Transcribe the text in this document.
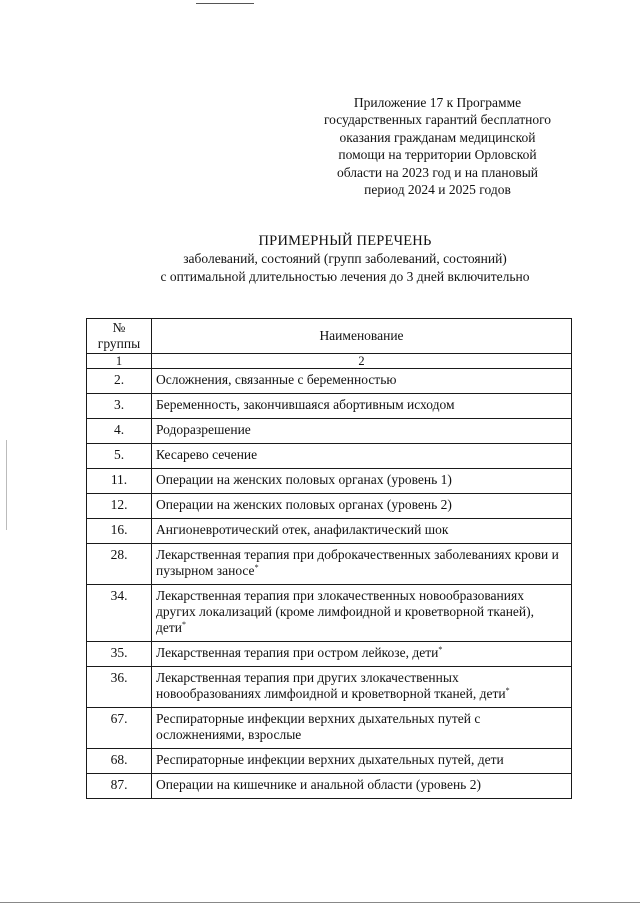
Приложение 17 к Программе
государственных гарантий бесплатного
оказания гражданам медицинской
помощи на территории Орловской
области на 2023 год и на плановый
период 2024 и 2025 годов
ПРИМЕРНЫЙ ПЕРЕЧЕНЬ
заболеваний, состояний (групп заболеваний, состояний)
с оптимальной длительностью лечения до 3 дней включительно
№
группы	Наименование
1	2
2.	Осложнения, связанные с беременностью
3.	Беременность, закончившаяся абортивным исходом
4.	Родоразрешение
5.	Кесарево сечение
11.	Операции на женских половых органах (уровень 1)
12.	Операции на женских половых органах (уровень 2)
16.	Ангионевротический отек, анафилактический шок
28.	Лекарственная терапия при доброкачественных заболеваниях крови и пузырном заносе*
34.	Лекарственная терапия при злокачественных новообразованиях других локализаций (кроме лимфоидной и кроветворной тканей), дети*
35.	Лекарственная терапия при остром лейкозе, дети*
36.	Лекарственная терапия при других злокачественных новообразованиях лимфоидной и кроветворной тканей, дети*
67.	Респираторные инфекции верхних дыхательных путей с осложнениями, взрослые
68.	Респираторные инфекции верхних дыхательных путей, дети
87.	Операции на кишечнике и анальной области (уровень 2)
